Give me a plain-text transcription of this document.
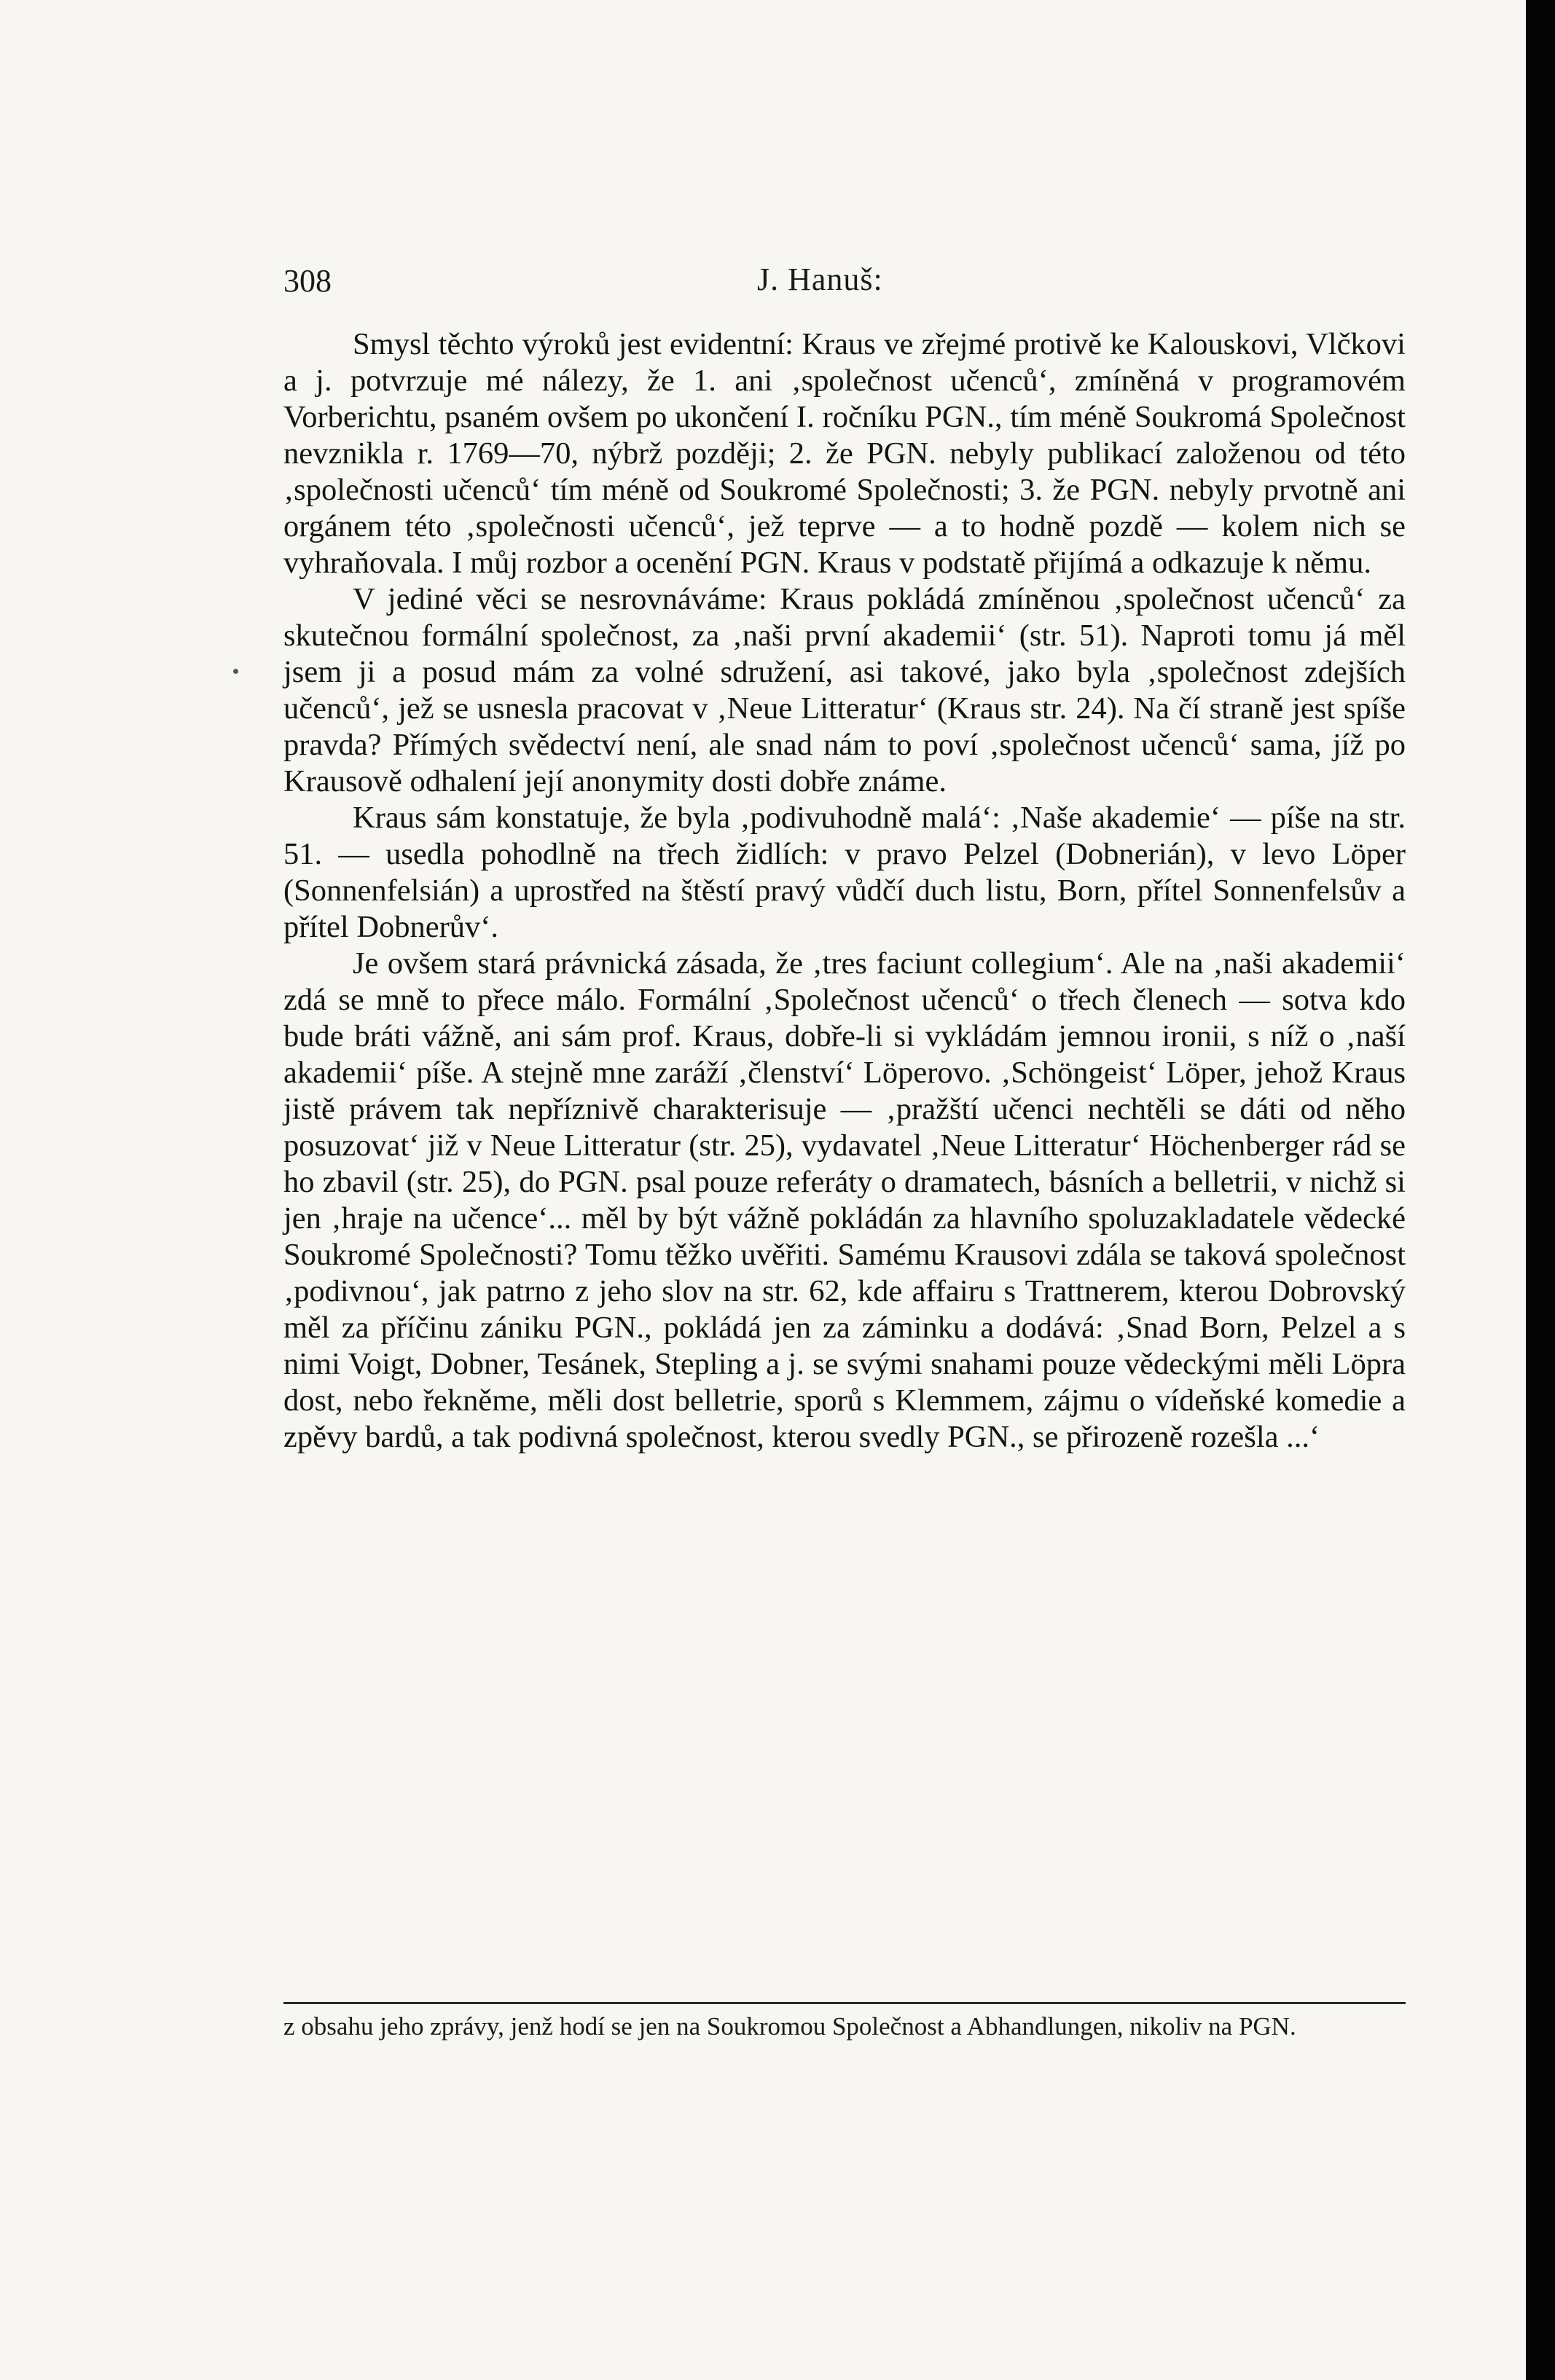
308	J. Hanuš:

Smysl těchto výroků jest evidentní: Kraus ve zřejmé protivě ke Kalouskovi, Vlčkovi a j. potvrzuje mé nálezy, že 1. ani ‚společnost učenců‘, zmíněná v programovém Vorberichtu, psaném ovšem po ukončení I. ročníku PGN., tím méně Soukromá Společnost nevznikla r. 1769—70, nýbrž později; 2. že PGN. nebyly publikací založenou od této ‚společnosti učenců‘ tím méně od Soukromé Společnosti; 3. že PGN. nebyly prvotně ani orgánem této ‚společnosti učenců‘, jež teprve — a to hodně pozdě — kolem nich se vyhraňovala. I můj rozbor a ocenění PGN. Kraus v podstatě přijímá a odkazuje k němu.

V jediné věci se nesrovnáváme: Kraus pokládá zmíněnou ‚společnost učenců‘ za skutečnou formální společnost, za ‚naši první akademii‘ (str. 51). Naproti tomu já měl jsem ji a posud mám za volné sdružení, asi takové, jako byla ‚společnost zdejších učenců‘, jež se usnesla pracovat v ‚Neue Litteratur‘ (Kraus str. 24). Na čí straně jest spíše pravda? Přímých svědectví není, ale snad nám to poví ‚společnost učenců‘ sama, jíž po Krausově odhalení její anonymity dosti dobře známe.

Kraus sám konstatuje, že byla ‚podivuhodně malá‘: ‚Naše akademie‘ — píše na str. 51. — usedla pohodlně na třech židlích: v pravo Pelzel (Dobnerián), v levo Löper (Sonnenfelsián) a uprostřed na štěstí pravý vůdčí duch listu, Born, přítel Sonnenfelsův a přítel Dobnerův‘.

Je ovšem stará právnická zásada, že ‚tres faciunt collegium‘. Ale na ‚naši akademii‘ zdá se mně to přece málo. Formální ‚Společnost učenců‘ o třech členech — sotva kdo bude bráti vážně, ani sám prof. Kraus, dobře-li si vykládám jemnou ironii, s níž o ‚naší akademii‘ píše. A stejně mne zaráží ‚členství‘ Löperovo. ‚Schöngeist‘ Löper, jehož Kraus jistě právem tak nepříznivě charakterisuje — ‚pražští učenci nechtěli se dáti od něho posuzovat‘ již v Neue Litteratur (str. 25), vydavatel ‚Neue Litteratur‘ Höchenberger rád se ho zbavil (str. 25), do PGN. psal pouze referáty o dramatech, básních a belletrii, v nichž si jen ‚hraje na učence‘... měl by být vážně pokládán za hlavního spoluzakladatele vědecké Soukromé Společnosti? Tomu těžko uvěřiti. Samému Krausovi zdála se taková společnost ‚podivnou‘, jak patrno z jeho slov na str. 62, kde affairu s Trattnerem, kterou Dobrovský měl za příčinu zániku PGN., pokládá jen za záminku a dodává: ‚Snad Born, Pelzel a s nimi Voigt, Dobner, Tesánek, Stepling a j. se svými snahami pouze vědeckými měli Löpra dost, nebo řekněme, měli dost belletrie, sporů s Klemmem, zájmu o vídeňské komedie a zpěvy bardů, a tak podivná společnost, kterou svedly PGN., se přirozeně rozešla ...‘

z obsahu jeho zprávy, jenž hodí se jen na Soukromou Společnost a Abhandlungen, nikoliv na PGN.
